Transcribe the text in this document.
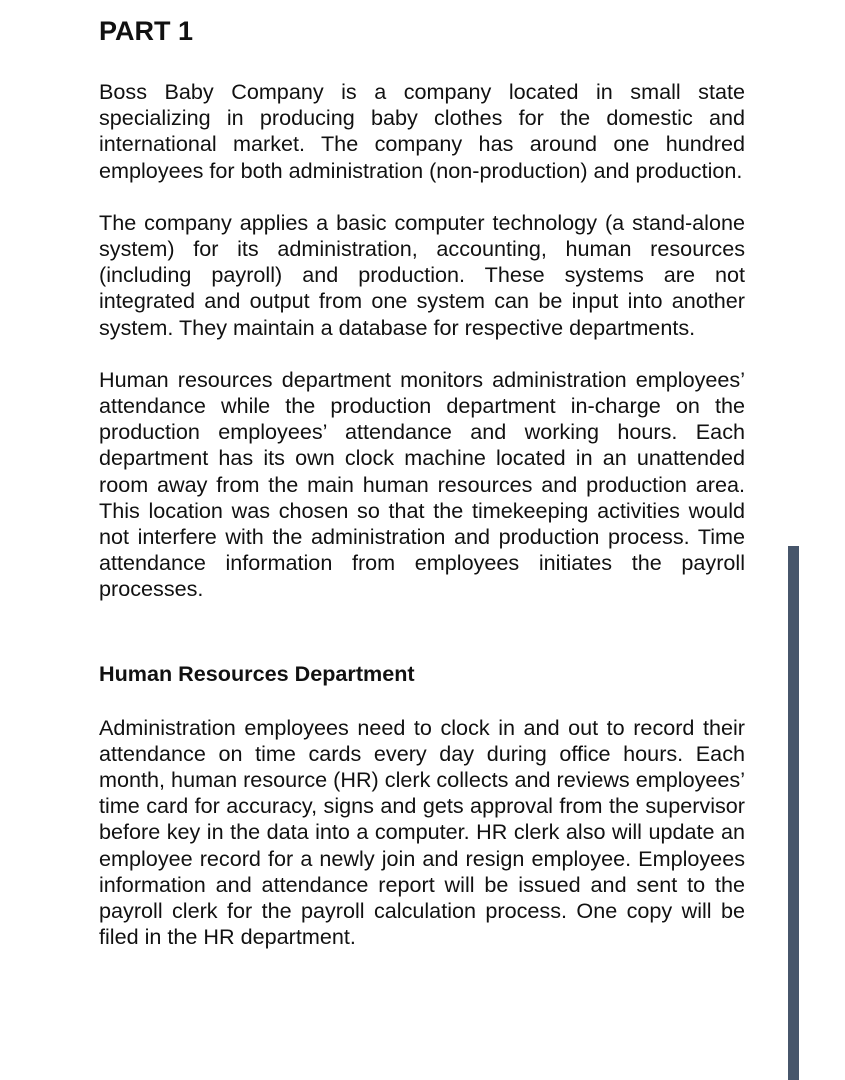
PART 1

Boss Baby Company is a company located in small state specializing in producing baby clothes for the domestic and international market. The company has around one hundred employees for both administration (non-production) and production.

The company applies a basic computer technology (a stand-alone system) for its administration, accounting, human resources (including payroll) and production. These systems are not integrated and output from one system can be input into another system. They maintain a database for respective departments.

Human resources department monitors administration employees’ attendance while the production department in-charge on the production employees’ attendance and working hours. Each department has its own clock machine located in an unattended room away from the main human resources and production area. This location was chosen so that the timekeeping activities would not interfere with the administration and production process. Time attendance information from employees initiates the payroll processes.

Human Resources Department

Administration employees need to clock in and out to record their attendance on time cards every day during office hours. Each month, human resource (HR) clerk collects and reviews employees’ time card for accuracy, signs and gets approval from the supervisor before key in the data into a computer. HR clerk also will update an employee record for a newly join and resign employee. Employees information and attendance report will be issued and sent to the payroll clerk for the payroll calculation process. One copy will be filed in the HR department.
